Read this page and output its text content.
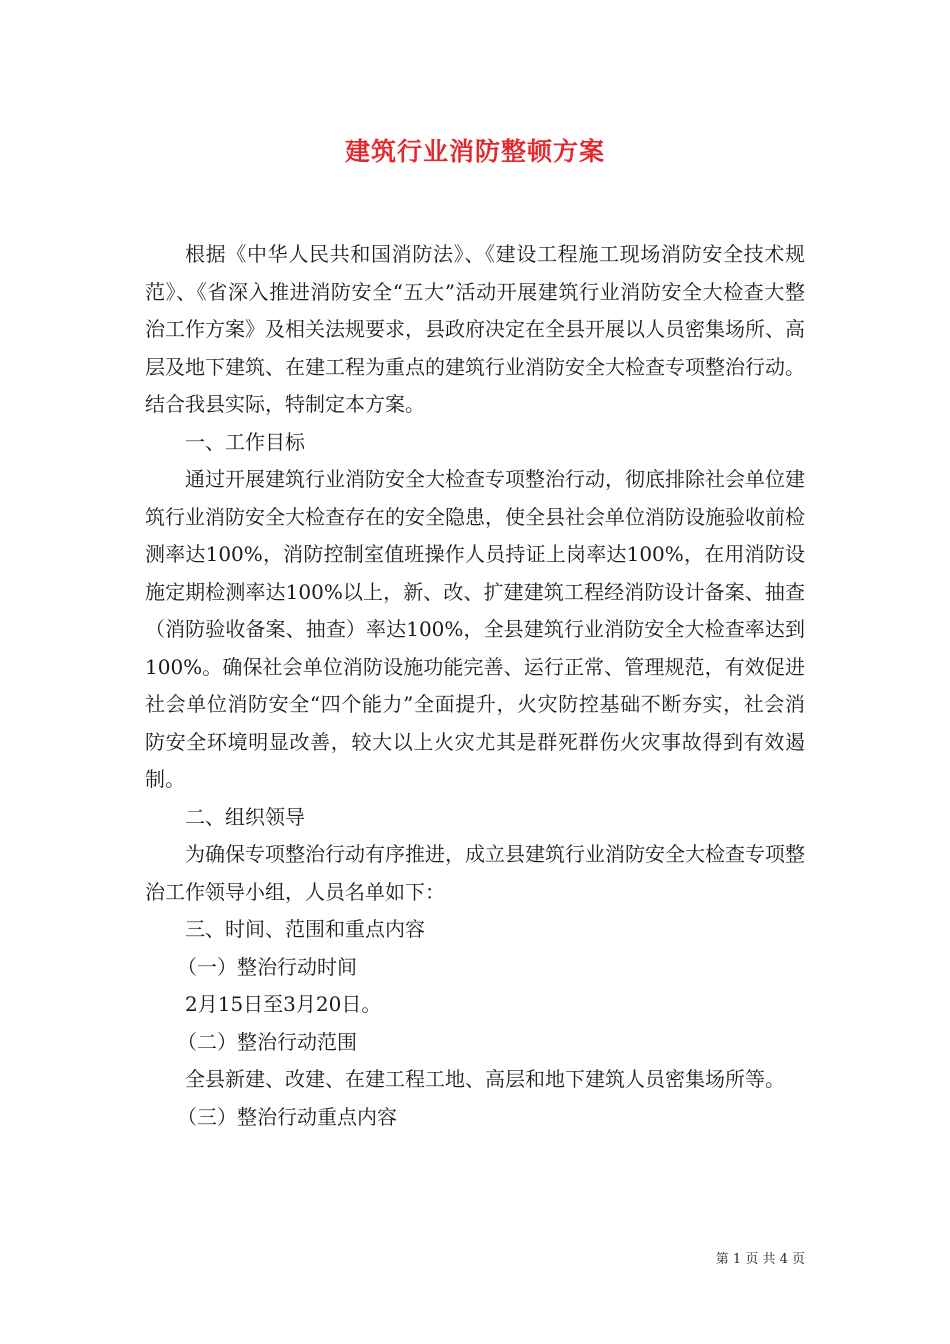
建筑行业消防整顿方案

根据《中华人民共和国消防法》、《建设工程施工现场消防安全技术规范》、《省深入推进消防安全“五大”活动开展建筑行业消防安全大检查大整治工作方案》及相关法规要求，县政府决定在全县开展以人员密集场所、高层及地下建筑、在建工程为重点的建筑行业消防安全大检查专项整治行动。结合我县实际，特制定本方案。

一、工作目标

通过开展建筑行业消防安全大检查专项整治行动，彻底排除社会单位建筑行业消防安全大检查存在的安全隐患，使全县社会单位消防设施验收前检测率达100%，消防控制室值班操作人员持证上岗率达100%，在用消防设施定期检测率达100%以上，新、改、扩建建筑工程经消防设计备案、抽查（消防验收备案、抽查）率达100%，全县建筑行业消防安全大检查率达到100%。确保社会单位消防设施功能完善、运行正常、管理规范，有效促进社会单位消防安全“四个能力”全面提升，火灾防控基础不断夯实，社会消防安全环境明显改善，较大以上火灾尤其是群死群伤火灾事故得到有效遏制。

二、组织领导

为确保专项整治行动有序推进，成立县建筑行业消防安全大检查专项整治工作领导小组，人员名单如下：

三、时间、范围和重点内容

（一）整治行动时间

2月15日至3月20日。

（二）整治行动范围

全县新建、改建、在建工程工地、高层和地下建筑人员密集场所等。

（三）整治行动重点内容

第 1 页 共 4 页
